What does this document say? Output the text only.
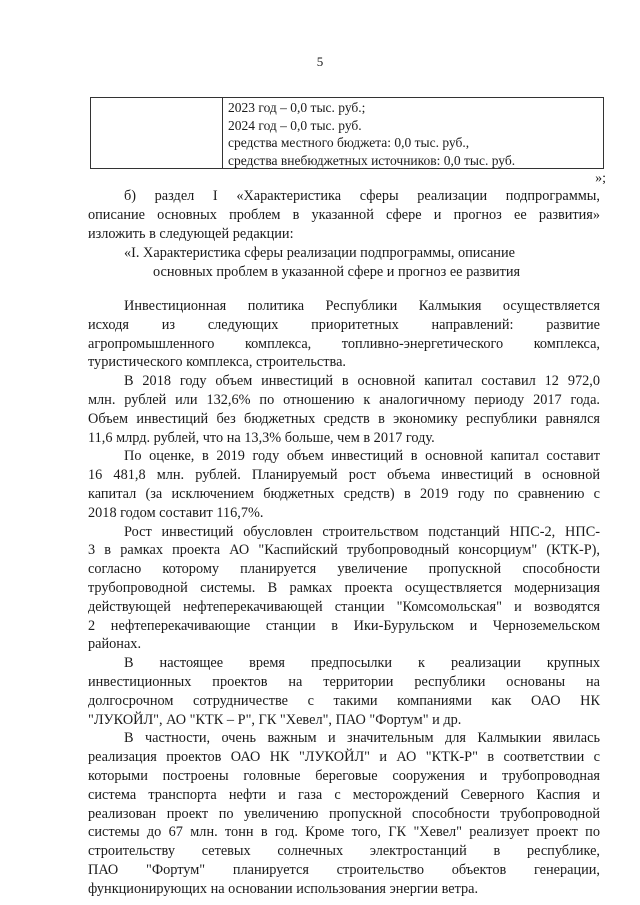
5
2023 год – 0,0 тыс. руб.;
2024 год – 0,0 тыс. руб.
средства местного бюджета: 0,0 тыс. руб.,
средства внебюджетных источников: 0,0 тыс. руб.
»;
б) раздел I «Характеристика сферы реализации подпрограммы,
описание основных проблем в указанной сфере и прогноз ее развития»
изложить в следующей редакции:
«I. Характеристика сферы реализации подпрограммы, описание
основных проблем в указанной сфере и прогноз ее развития
Инвестиционная политика Республики Калмыкия осуществляется
исходя из следующих приоритетных направлений: развитие
агропромышленного комплекса, топливно-энергетического комплекса,
туристического комплекса, строительства.
В 2018 году объем инвестиций в основной капитал составил 12 972,0
млн. рублей или 132,6% по отношению к аналогичному периоду 2017 года.
Объем инвестиций без бюджетных средств в экономику республики равнялся
11,6 млрд. рублей, что на 13,3% больше, чем в 2017 году.
По оценке, в 2019 году объем инвестиций в основной капитал составит
16 481,8 млн. рублей. Планируемый рост объема инвестиций в основной
капитал (за исключением бюджетных средств) в 2019 году по сравнению с
2018 годом составит 116,7%.
Рост инвестиций обусловлен строительством подстанций НПС-2, НПС-
3 в рамках проекта АО "Каспийский трубопроводный консорциум" (КТК-Р),
согласно которому планируется увеличение пропускной способности
трубопроводной системы. В рамках проекта осуществляется модернизация
действующей нефтеперекачивающей станции "Комсомольская" и возводятся
2 нефтеперекачивающие станции в Ики-Бурульском и Черноземельском
районах.
В настоящее время предпосылки к реализации крупных
инвестиционных проектов на территории республики основаны на
долгосрочном сотрудничестве с такими компаниями как ОАО НК
"ЛУКОЙЛ", АО "КТК – Р", ГК "Хевел", ПАО "Фортум" и др.
В частности, очень важным и значительным для Калмыкии явилась
реализация проектов ОАО НК "ЛУКОЙЛ" и АО "КТК-Р" в соответствии с
которыми построены головные береговые сооружения и трубопроводная
система транспорта нефти и газа с месторождений Северного Каспия и
реализован проект по увеличению пропускной способности трубопроводной
системы до 67 млн. тонн в год. Кроме того, ГК "Хевел" реализует проект по
строительству сетевых солнечных электростанций в республике,
ПАО "Фортум" планируется строительство объектов генерации,
функционирующих на основании использования энергии ветра.
